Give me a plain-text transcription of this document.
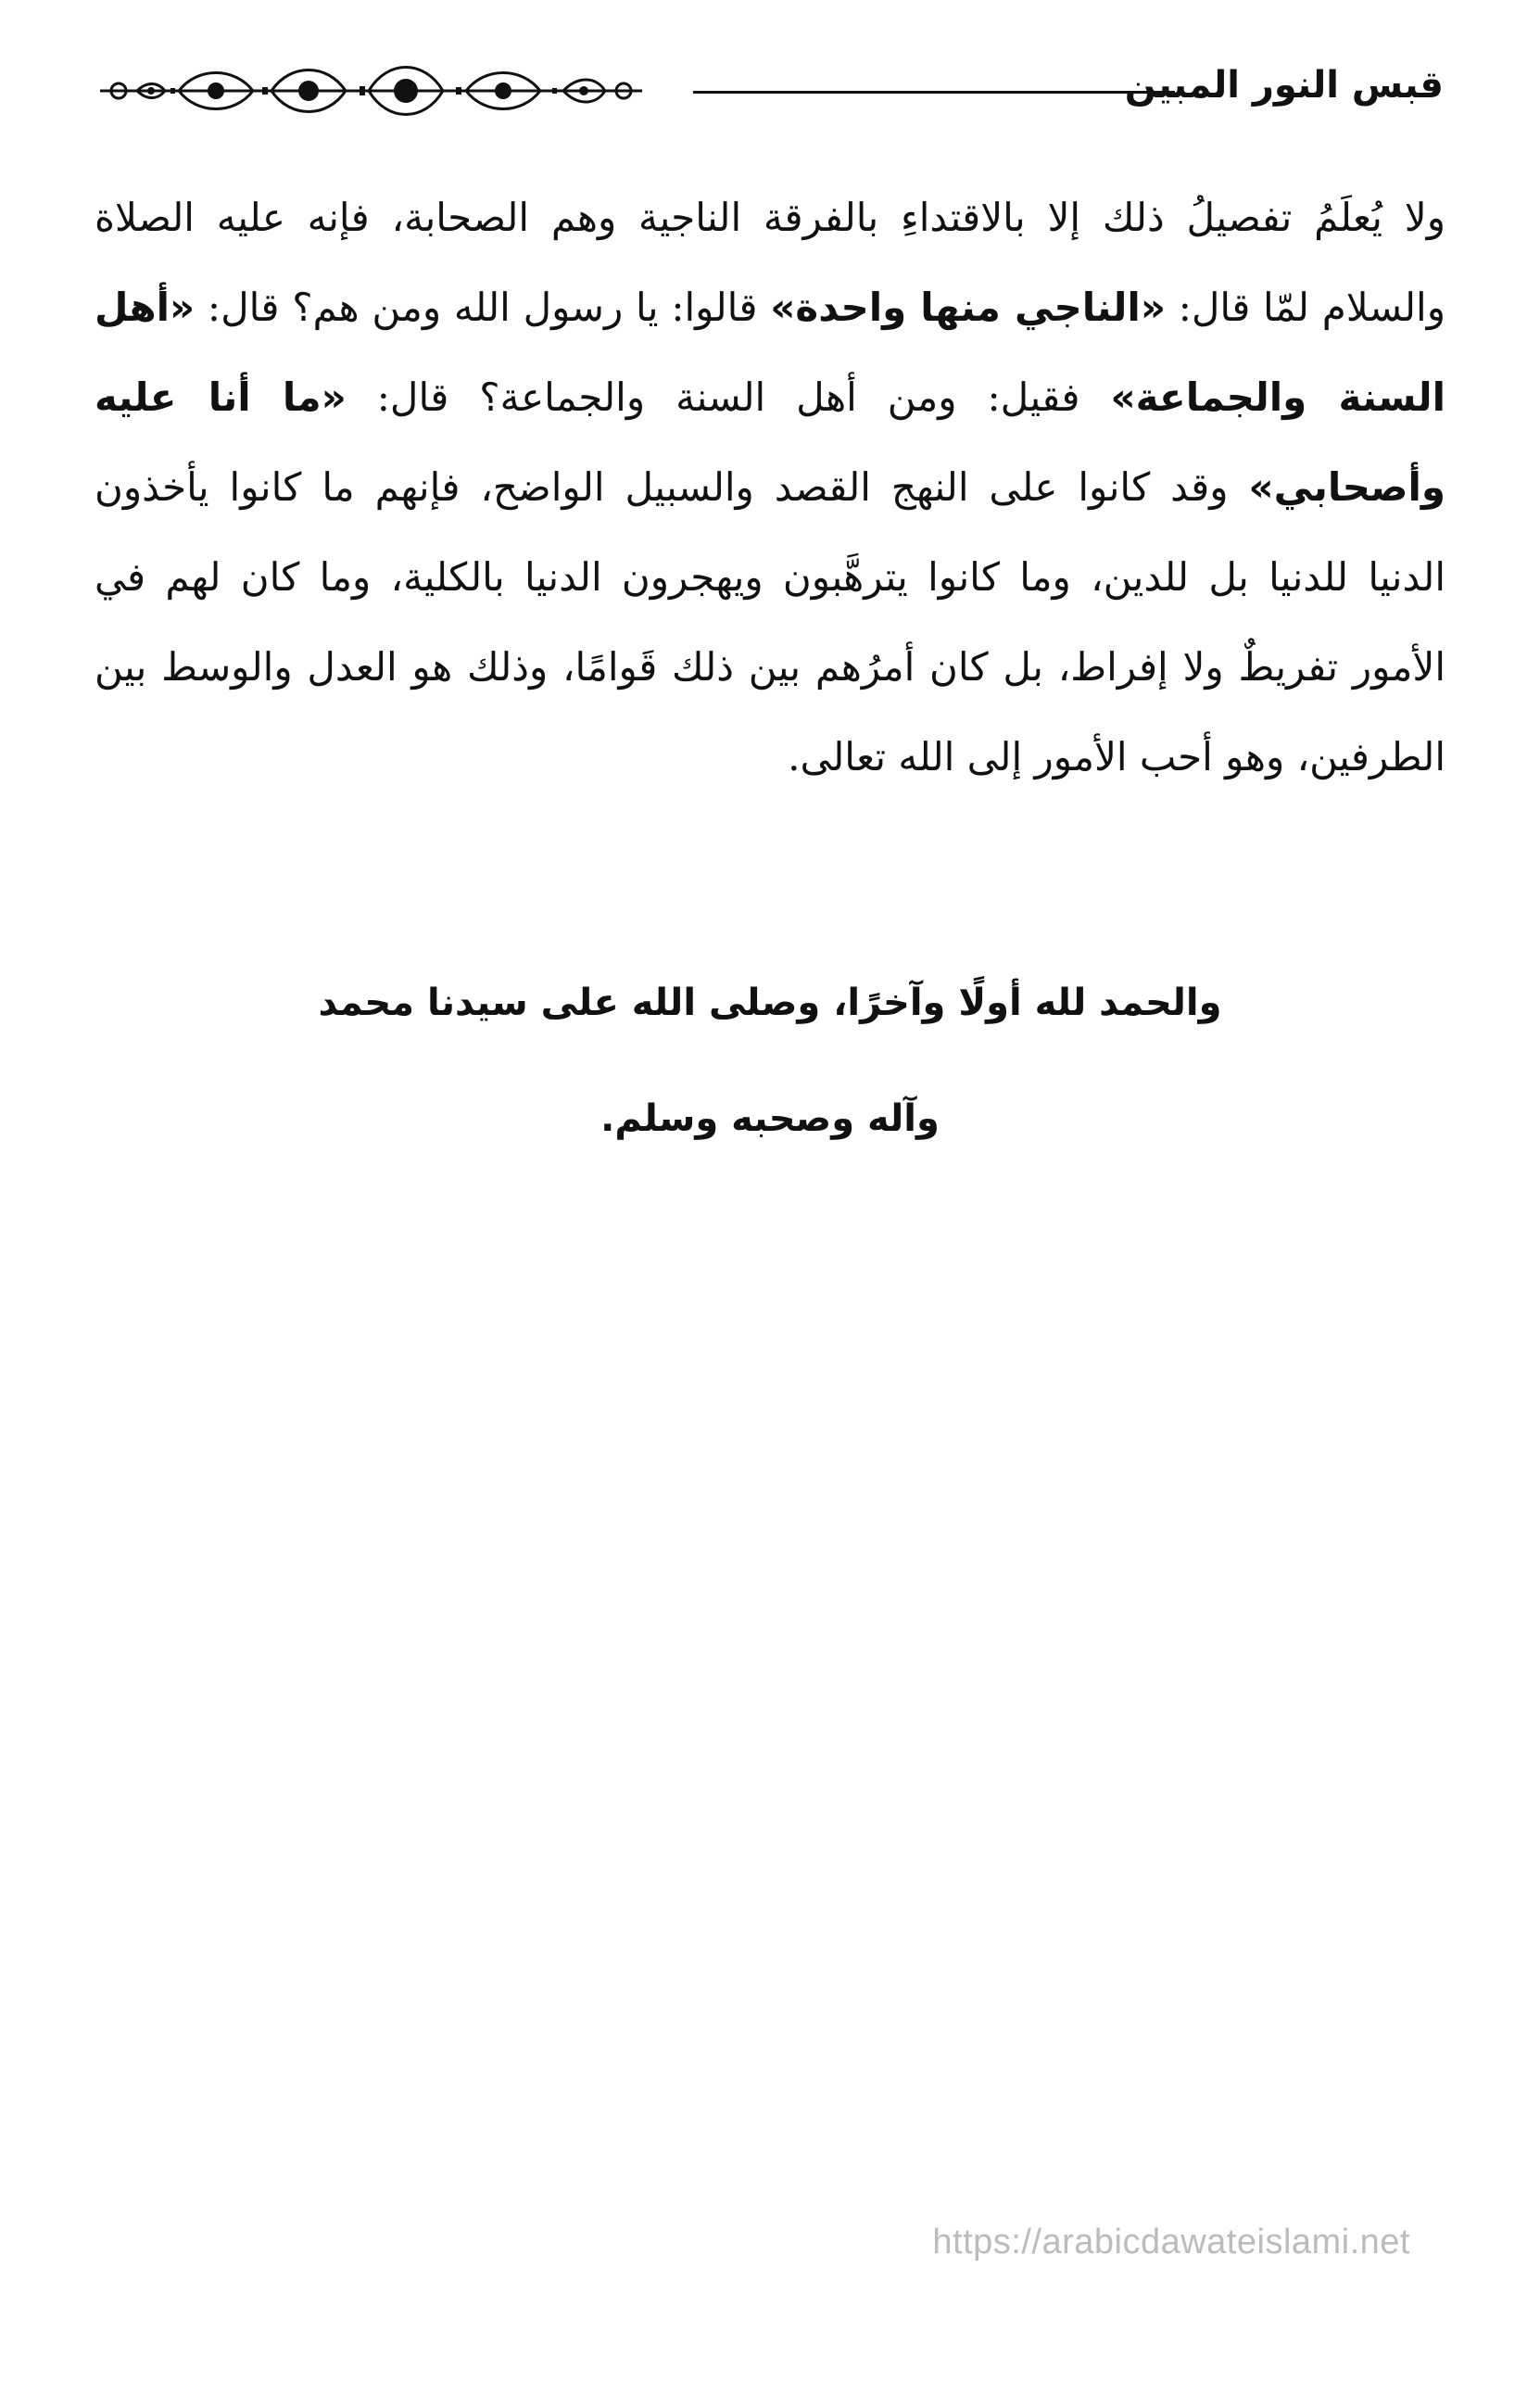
قبس النور المبين

ولا يُعلَمُ تفصيلُ ذلك إلا بالاقتداءِ بالفرقة الناجية وهم الصحابة، فإنه عليه الصلاة والسلام لمّا قال: «الناجي منها واحدة» قالوا: يا رسول الله ومن هم؟ قال: «أهل السنة والجماعة» فقيل: ومن أهل السنة والجماعة؟ قال: «ما أنا عليه وأصحابي» وقد كانوا على النهج القصد والسبيل الواضح، فإنهم ما كانوا يأخذون الدنيا للدنيا بل للدين، وما كانوا يترهَّبون ويهجرون الدنيا بالكلية، وما كان لهم في الأمور تفريطٌ ولا إفراط، بل كان أمرُهم بين ذلك قَوامًا، وذلك هو العدل والوسط بين الطرفين، وهو أحب الأمور إلى الله تعالى.

والحمد لله أولًا وآخرًا، وصلى الله على سيدنا محمد
وآله وصحبه وسلم.
https://arabicdawateislami.net
